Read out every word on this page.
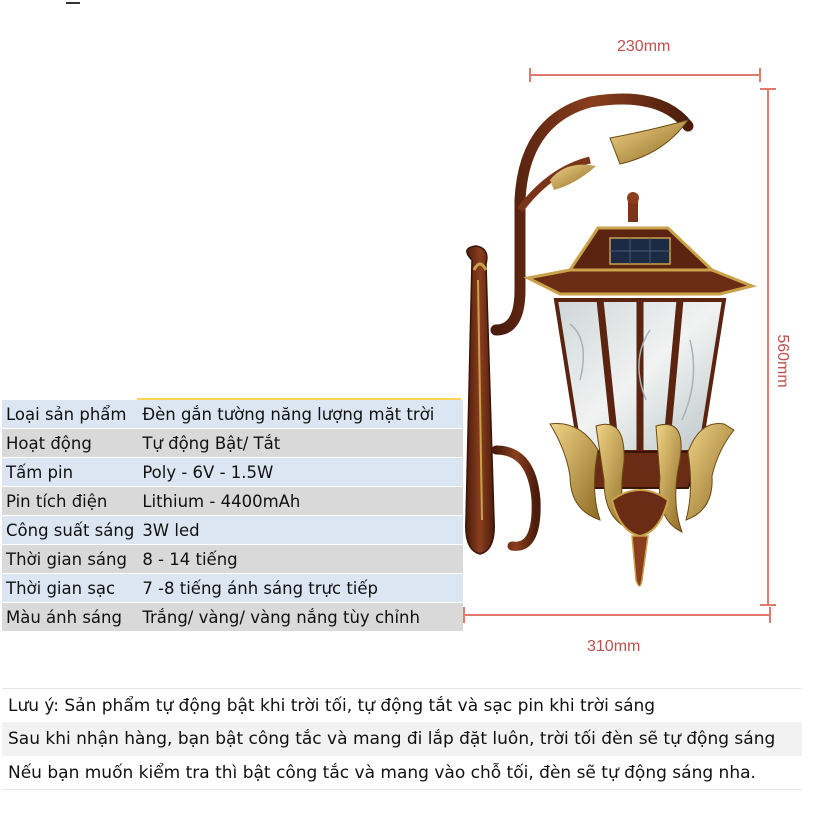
230mm
560mm
310mm
Loại sản phẩm	Đèn gắn tường năng lượng mặt trời
Hoạt động	Tự động Bật/ Tắt
Tấm pin	Poly - 6V - 1.5W
Pin tích điện	Lithium - 4400mAh
Công suất sáng	3W led
Thời gian sáng	8 - 14 tiếng
Thời gian sạc	7 -8 tiếng ánh sáng trực tiếp
Màu ánh sáng	Trắng/ vàng/ vàng nắng tùy chỉnh
Lưu ý: Sản phẩm tự động bật khi trời tối, tự động tắt và sạc pin khi trời sáng
Sau khi nhận hàng, bạn bật công tắc và mang đi lắp đặt luôn, trời tối đèn sẽ tự động sáng
Nếu bạn muốn kiểm tra thì bật công tắc và mang vào chỗ tối, đèn sẽ tự động sáng nha.
